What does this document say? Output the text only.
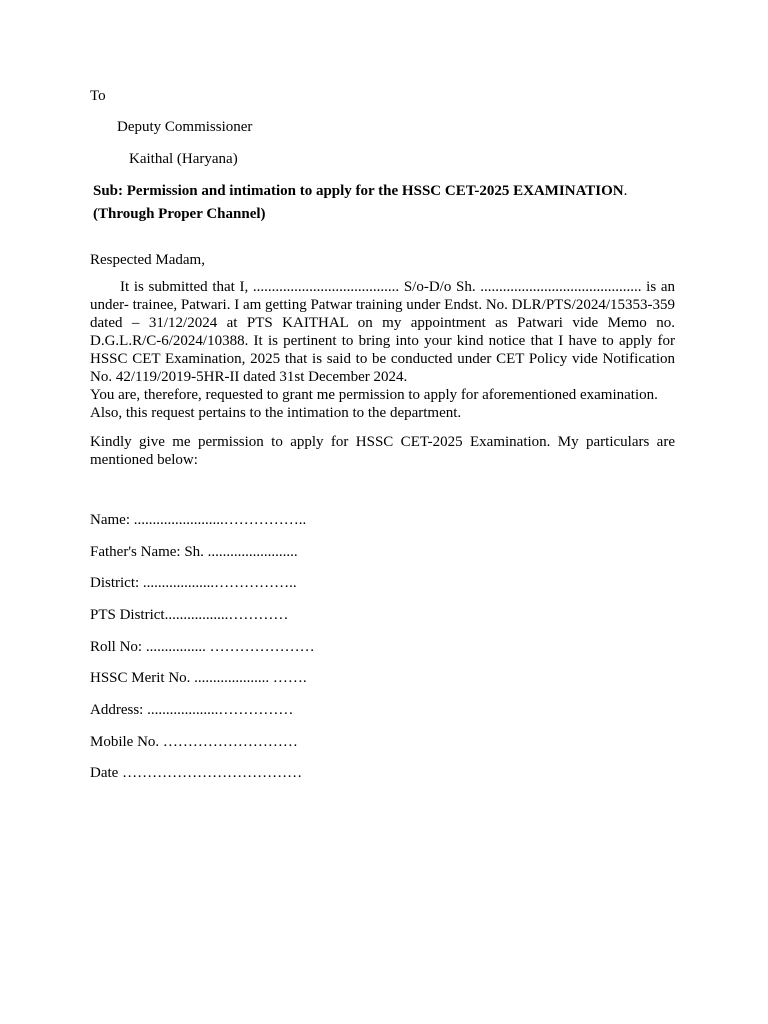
To
Deputy Commissioner
Kaithal (Haryana)
Sub: Permission and intimation to apply for the HSSC CET-2025 EXAMINATION.
(Through Proper Channel)
Respected Madam,
It is submitted that I, ....................................... S/o-D/o Sh. ........................................... is an under- trainee, Patwari. I am getting Patwar training under Endst. No. DLR/PTS/2024/15353-359 dated – 31/12/2024 at PTS KAITHAL on my appointment as Patwari vide Memo no. D.G.L.R/C-6/2024/10388. It is pertinent to bring into your kind notice that I have to apply for HSSC CET Examination, 2025 that is said to be conducted under CET Policy vide Notification No. 42/119/2019-5HR-II dated 31st December 2024.
You are, therefore, requested to grant me permission to apply for aforementioned examination. Also, this request pertains to the intimation to the department.
Kindly give me permission to apply for HSSC CET-2025 Examination. My particulars are mentioned below:
Name: ........................……………..
Father's Name: Sh. ........................
District: ...................……………..
PTS District.................…………
Roll No: ................ …………………
HSSC Merit No. .................... …….
Address: ...................……………
Mobile No. ………………………
Date ………………………………
